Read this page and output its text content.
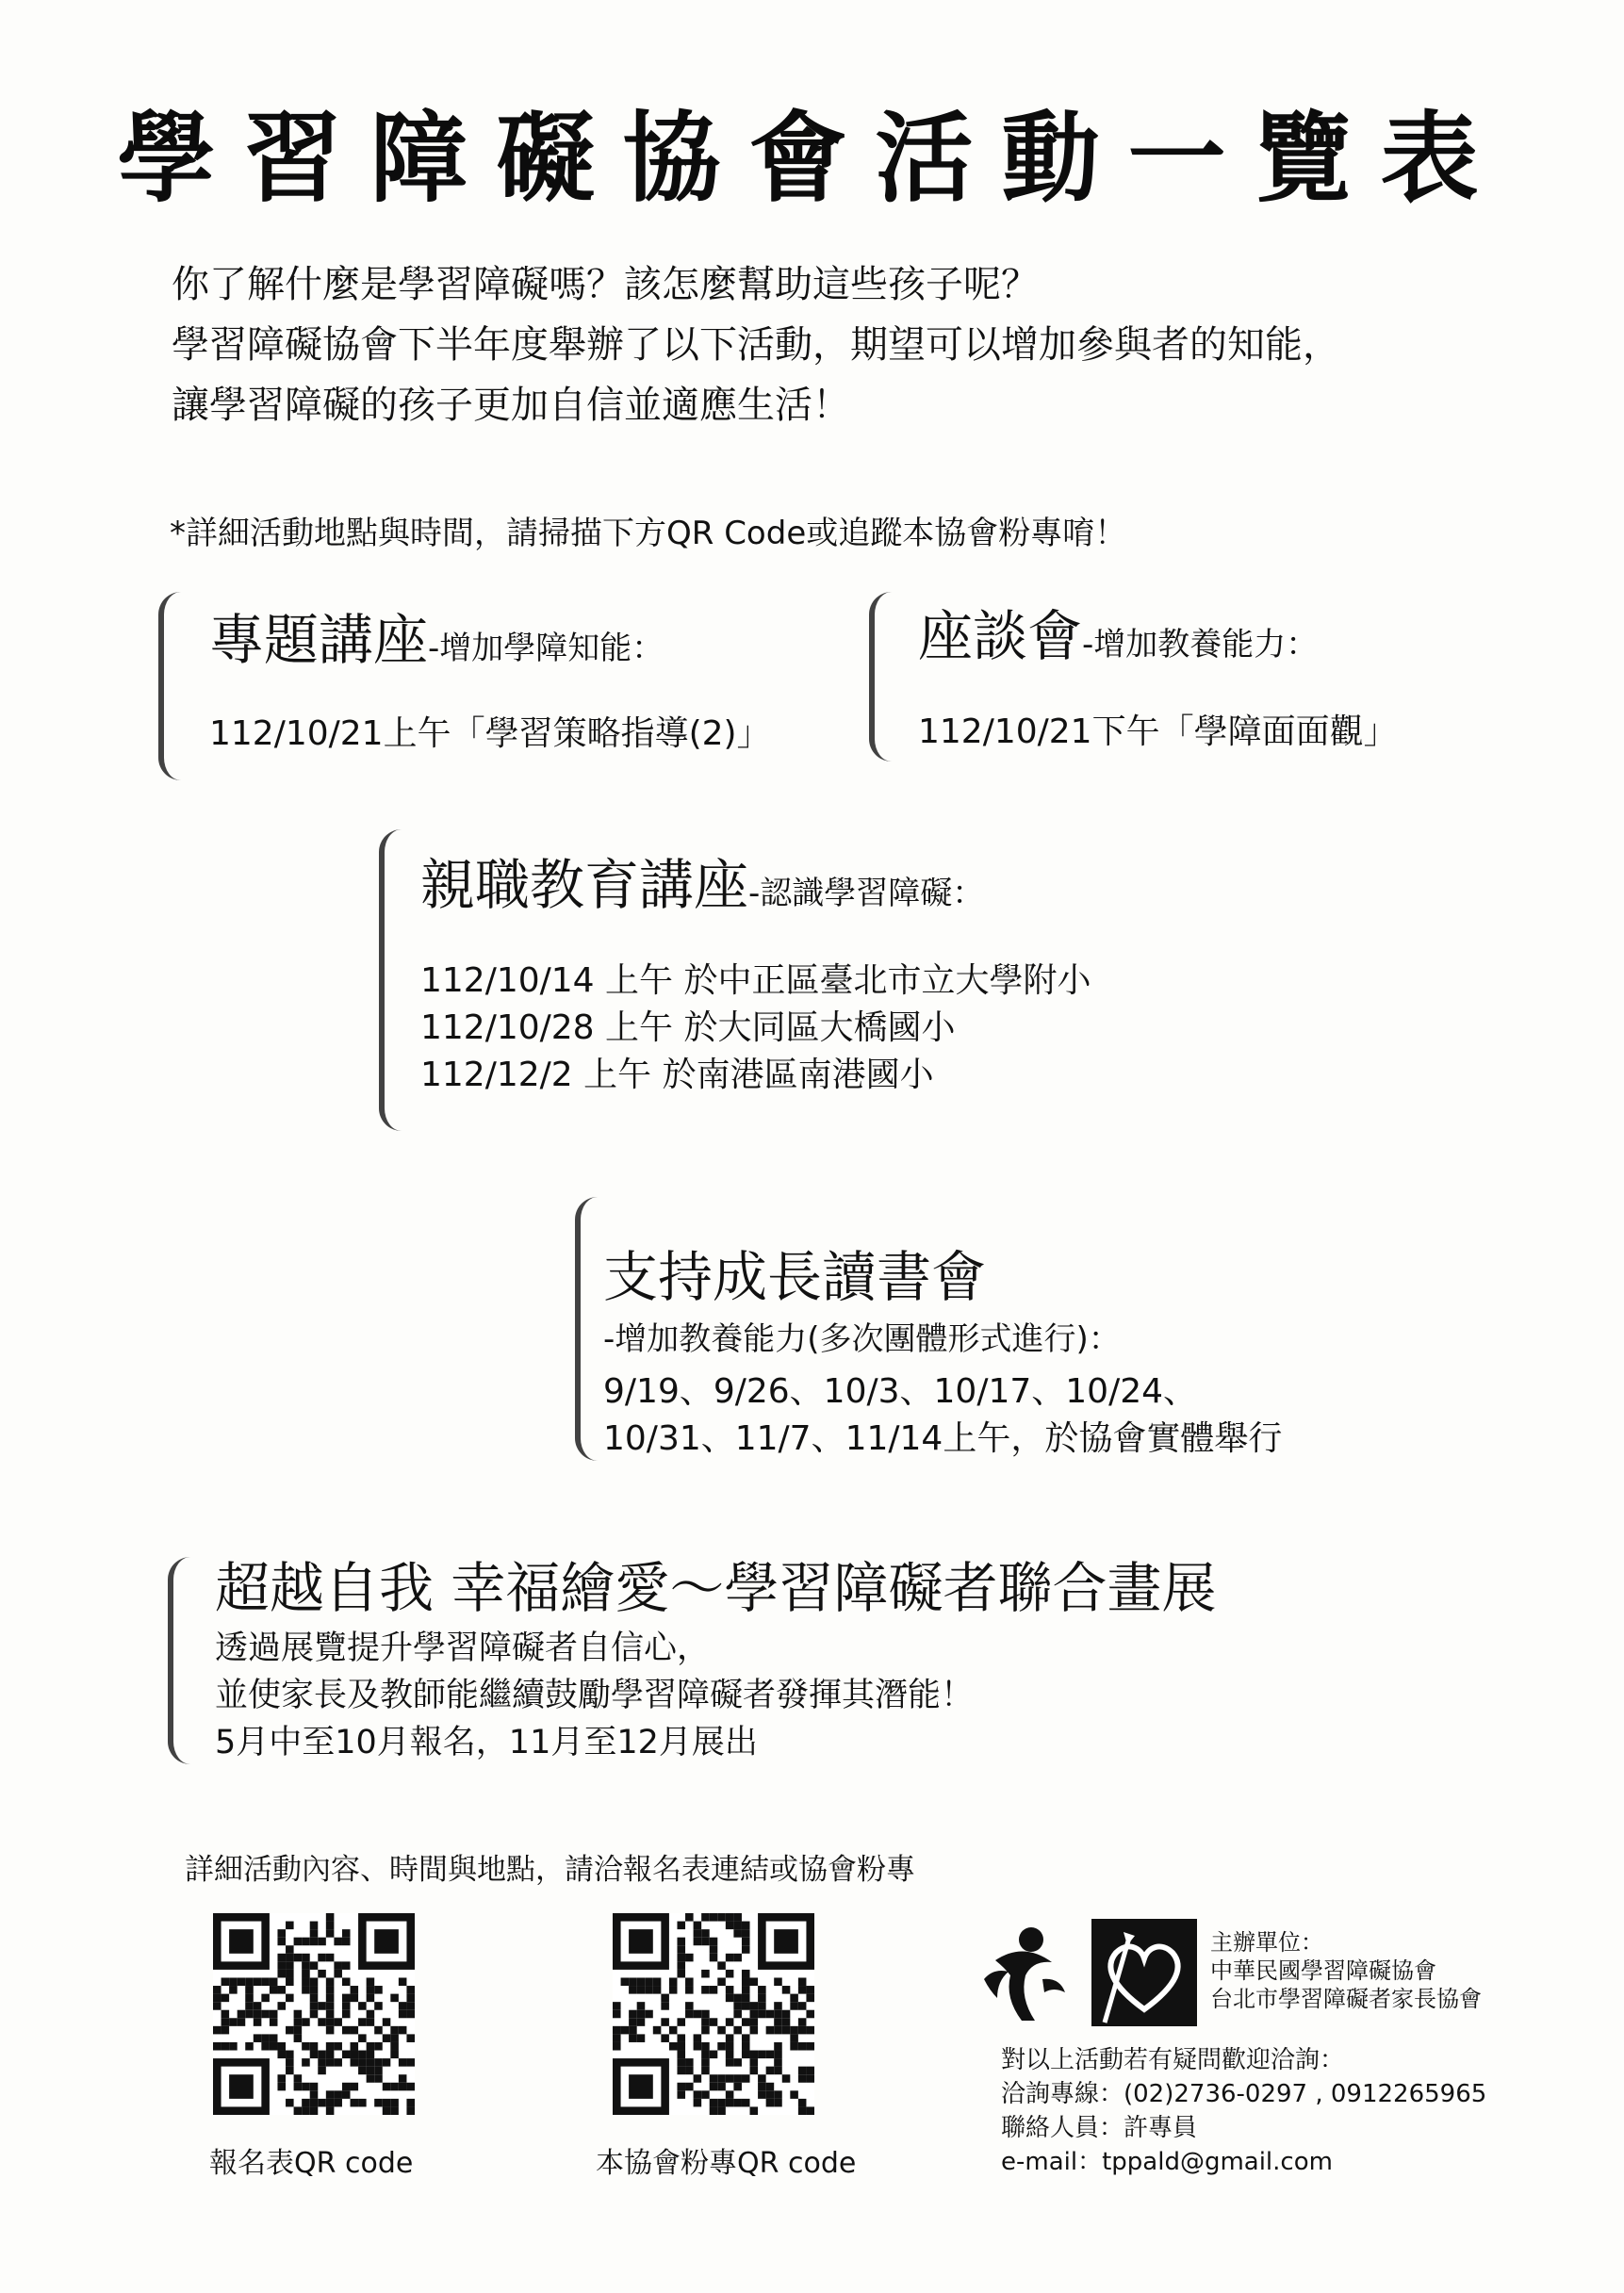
學習障礙協會活動一覽表
你了解什麼是學習障礙嗎？該怎麼幫助這些孩子呢？
學習障礙協會下半年度舉辦了以下活動，期望可以增加參與者的知能，
讓學習障礙的孩子更加自信並適應生活！
*詳細活動地點與時間，請掃描下方QR Code或追蹤本協會粉專唷！
專題講座-增加學障知能：
112/10/21上午「學習策略指導(2)」
座談會-增加教養能力：
112/10/21下午「學障面面觀」
親職教育講座-認識學習障礙：
112/10/14 上午 於中正區臺北市立大學附小
112/10/28 上午 於大同區大橋國小
112/12/2 上午 於南港區南港國小
支持成長讀書會
-增加教養能力(多次團體形式進行)：
9/19、9/26、10/3、10/17、10/24、
10/31、11/7、11/14上午，於協會實體舉行
超越自我 幸福繪愛～學習障礙者聯合畫展
透過展覽提升學習障礙者自信心，
並使家長及教師能繼續鼓勵學習障礙者發揮其潛能！
5月中至10月報名，11月至12月展出
詳細活動內容、時間與地點，請洽報名表連結或協會粉專
報名表QR code	本協會粉專QR code
主辦單位：
中華民國學習障礙協會
台北市學習障礙者家長協會
對以上活動若有疑問歡迎洽詢：
洽詢專線：(02)2736-0297 , 0912265965
聯絡人員：許專員
e-mail：tppald@gmail.com
